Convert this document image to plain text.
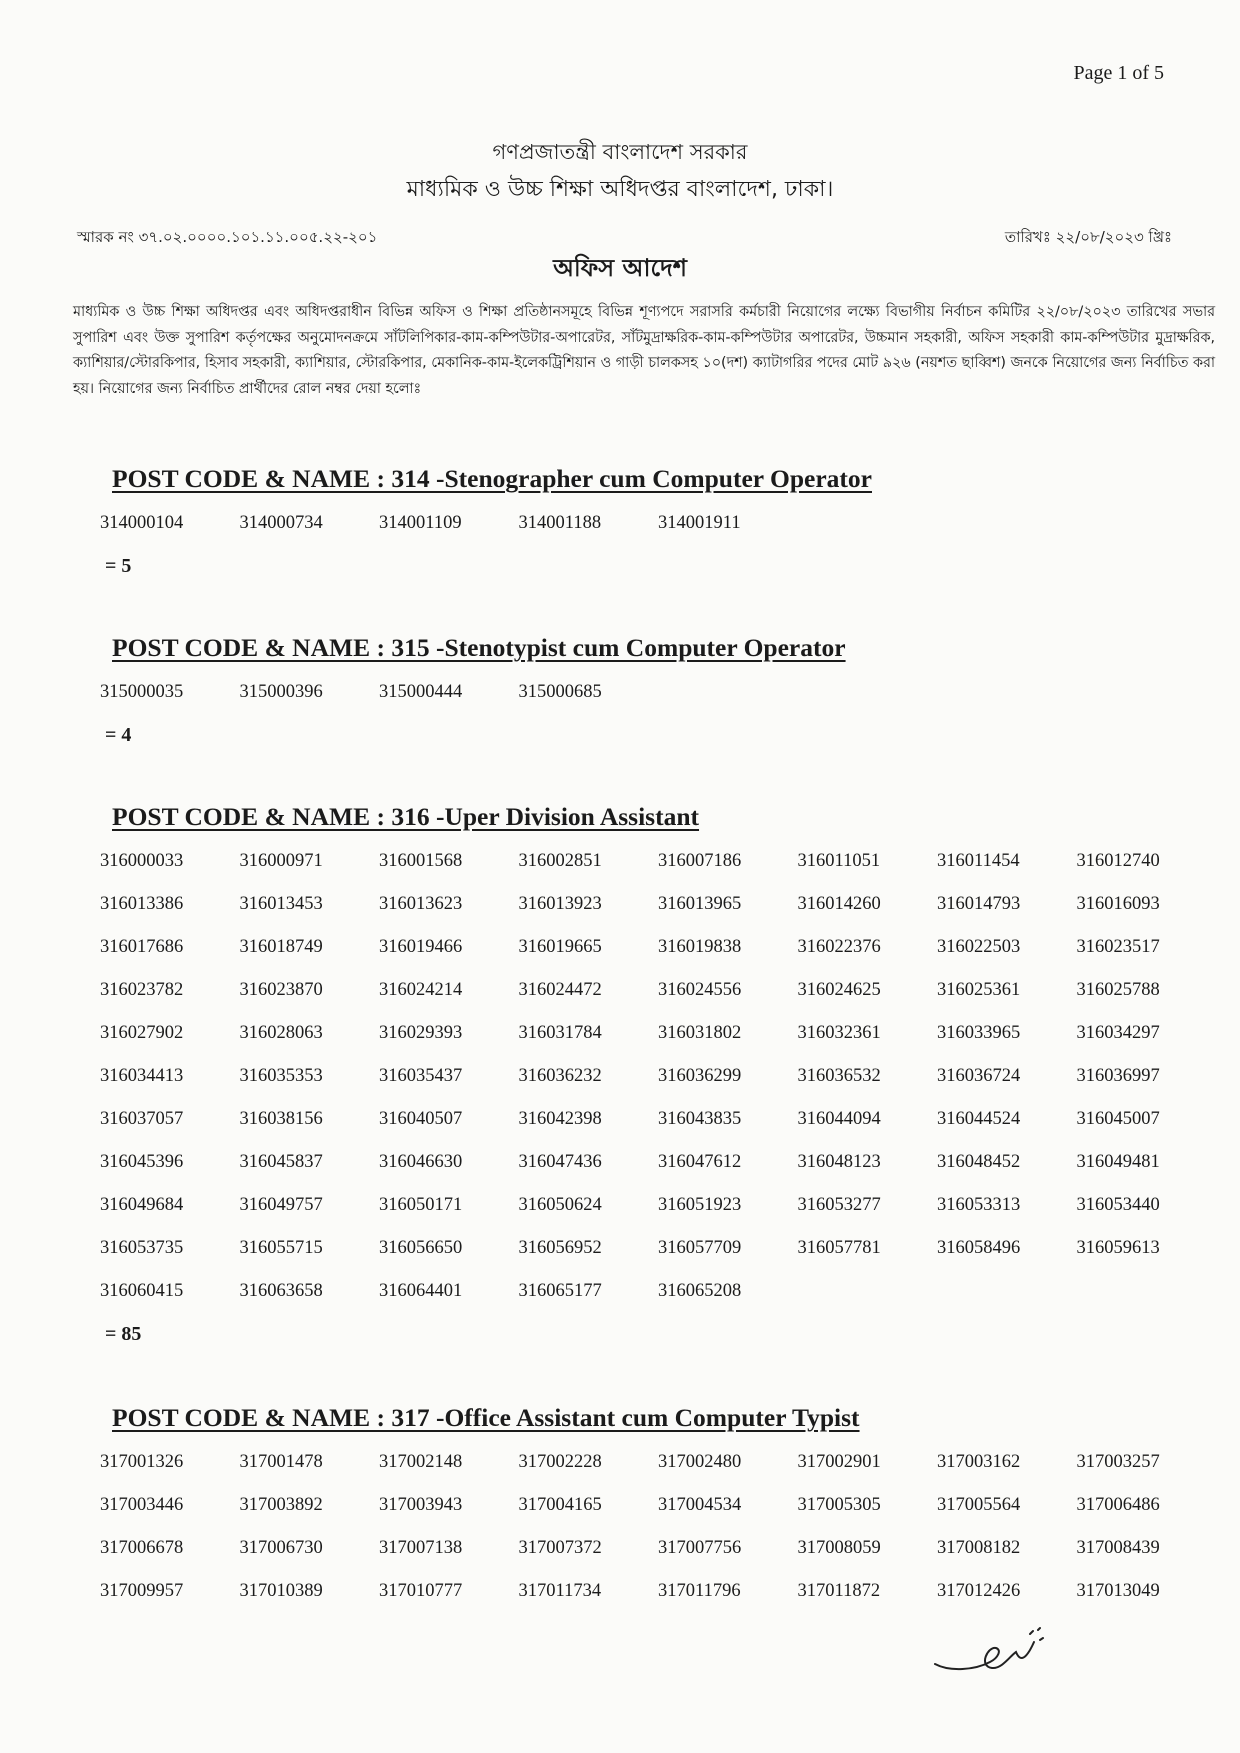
Page 1 of 5
গণপ্রজাতন্ত্রী বাংলাদেশ সরকার
মাধ্যমিক ও উচ্চ শিক্ষা অধিদপ্তর বাংলাদেশ, ঢাকা।
স্মারক নং ৩৭.০২.০০০০.১০১.১১.০০৫.২২-২০১	তারিখঃ ২২/০৮/২০২৩ খ্রিঃ
অফিস আদেশ
মাধ্যমিক ও উচ্চ শিক্ষা অধিদপ্তর এবং অধিদপ্তরাধীন বিভিন্ন অফিস ও শিক্ষা প্রতিষ্ঠানসমূহে বিভিন্ন শূণ্যপদে সরাসরি কর্মচারী নিয়োগের লক্ষ্যে বিভাগীয় নির্বাচন কমিটির ২২/০৮/২০২৩ তারিখের সভার সুপারিশ এবং উক্ত সুপারিশ কর্তৃপক্ষের অনুমোদনক্রমে সাঁটলিপিকার-কাম-কম্পিউটার-অপারেটর, সাঁটমুদ্রাক্ষরিক-কাম-কম্পিউটার অপারেটর, উচ্চমান সহকারী, অফিস সহকারী কাম-কম্পিউটার মুদ্রাক্ষরিক, ক্যাশিয়ার/স্টোরকিপার, হিসাব সহকারী, ক্যাশিয়ার, স্টোরকিপার, মেকানিক-কাম-ইলেকট্রিশিয়ান ও গাড়ী চালকসহ ১০(দশ) ক্যাটাগরির পদের মোট ৯২৬ (নয়শত ছাব্বিশ) জনকে নিয়োগের জন্য নির্বাচিত করা হয়। নিয়োগের জন্য নির্বাচিত প্রার্থীদের রোল নম্বর দেয়া হলোঃ
POST CODE & NAME : 314 -Stenographer cum Computer Operator
314000104	314000734	314001109	314001188	314001911
= 5
POST CODE & NAME : 315 -Stenotypist cum Computer Operator
315000035	315000396	315000444	315000685
= 4
POST CODE & NAME : 316 -Uper Division Assistant
316000033	316000971	316001568	316002851	316007186	316011051	316011454	316012740
316013386	316013453	316013623	316013923	316013965	316014260	316014793	316016093
316017686	316018749	316019466	316019665	316019838	316022376	316022503	316023517
316023782	316023870	316024214	316024472	316024556	316024625	316025361	316025788
316027902	316028063	316029393	316031784	316031802	316032361	316033965	316034297
316034413	316035353	316035437	316036232	316036299	316036532	316036724	316036997
316037057	316038156	316040507	316042398	316043835	316044094	316044524	316045007
316045396	316045837	316046630	316047436	316047612	316048123	316048452	316049481
316049684	316049757	316050171	316050624	316051923	316053277	316053313	316053440
316053735	316055715	316056650	316056952	316057709	316057781	316058496	316059613
316060415	316063658	316064401	316065177	316065208
= 85
POST CODE & NAME : 317 -Office Assistant cum Computer Typist
317001326	317001478	317002148	317002228	317002480	317002901	317003162	317003257
317003446	317003892	317003943	317004165	317004534	317005305	317005564	317006486
317006678	317006730	317007138	317007372	317007756	317008059	317008182	317008439
317009957	317010389	317010777	317011734	317011796	317011872	317012426	317013049
